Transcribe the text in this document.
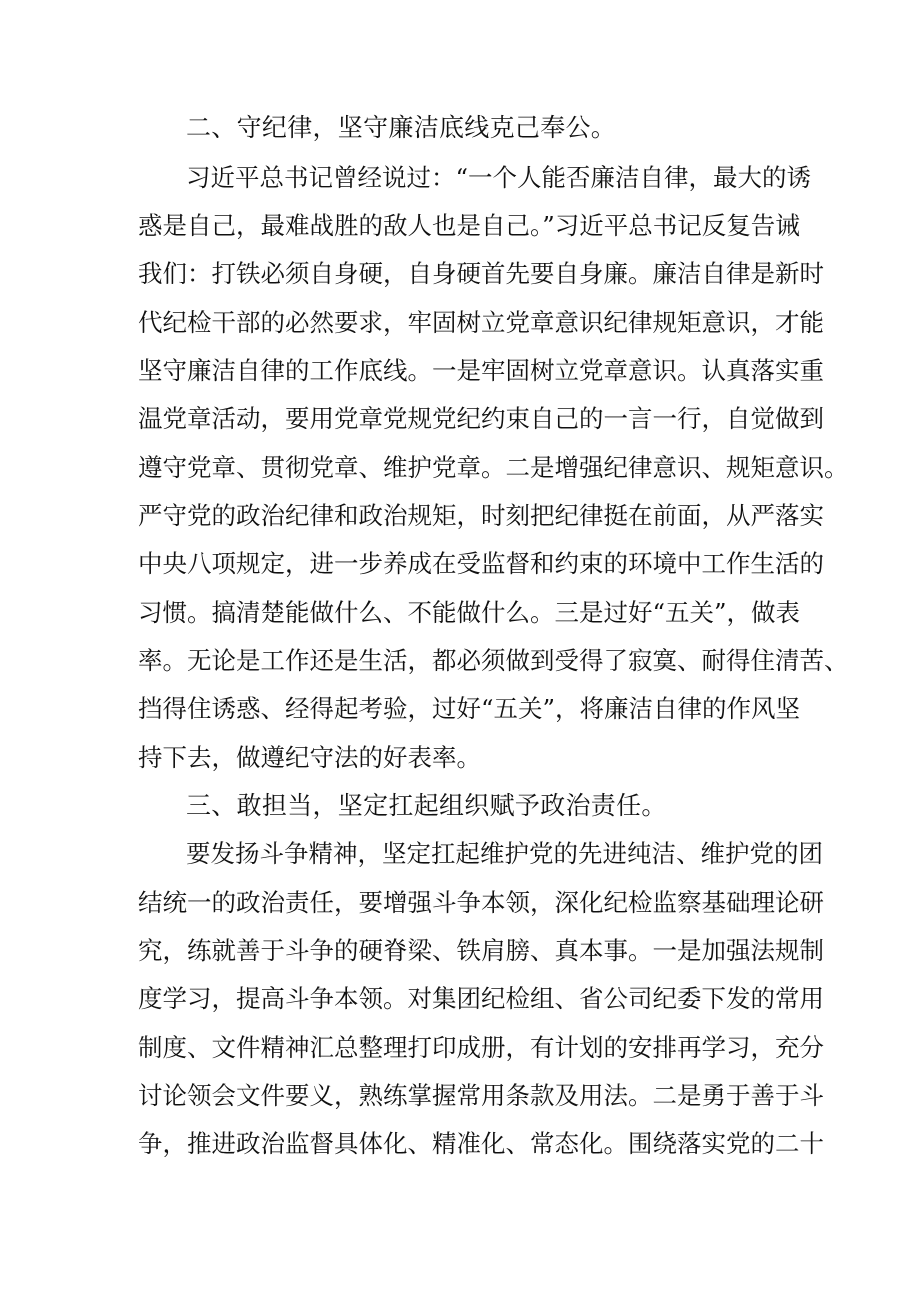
二、守纪律，坚守廉洁底线克己奉公。

习近平总书记曾经说过：“一个人能否廉洁自律，最大的诱

惑是自己，最难战胜的敌人也是自己。”习近平总书记反复告诫

我们：打铁必须自身硬，自身硬首先要自身廉。廉洁自律是新时

代纪检干部的必然要求，牢固树立党章意识纪律规矩意识，才能

坚守廉洁自律的工作底线。一是牢固树立党章意识。认真落实重

温党章活动，要用党章党规党纪约束自己的一言一行，自觉做到

遵守党章、贯彻党章、维护党章。二是增强纪律意识、规矩意识。

严守党的政治纪律和政治规矩，时刻把纪律挺在前面，从严落实

中央八项规定，进一步养成在受监督和约束的环境中工作生活的

习惯。搞清楚能做什么、不能做什么。三是过好“五关”，做表

率。无论是工作还是生活，都必须做到受得了寂寞、耐得住清苦、

挡得住诱惑、经得起考验，过好“五关”，将廉洁自律的作风坚

持下去，做遵纪守法的好表率。

三、敢担当，坚定扛起组织赋予政治责任。

要发扬斗争精神，坚定扛起维护党的先进纯洁、维护党的团

结统一的政治责任，要增强斗争本领，深化纪检监察基础理论研

究，练就善于斗争的硬脊梁、铁肩膀、真本事。一是加强法规制

度学习，提高斗争本领。对集团纪检组、省公司纪委下发的常用

制度、文件精神汇总整理打印成册，有计划的安排再学习，充分

讨论领会文件要义，熟练掌握常用条款及用法。二是勇于善于斗

争，推进政治监督具体化、精准化、常态化。围绕落实党的二十
